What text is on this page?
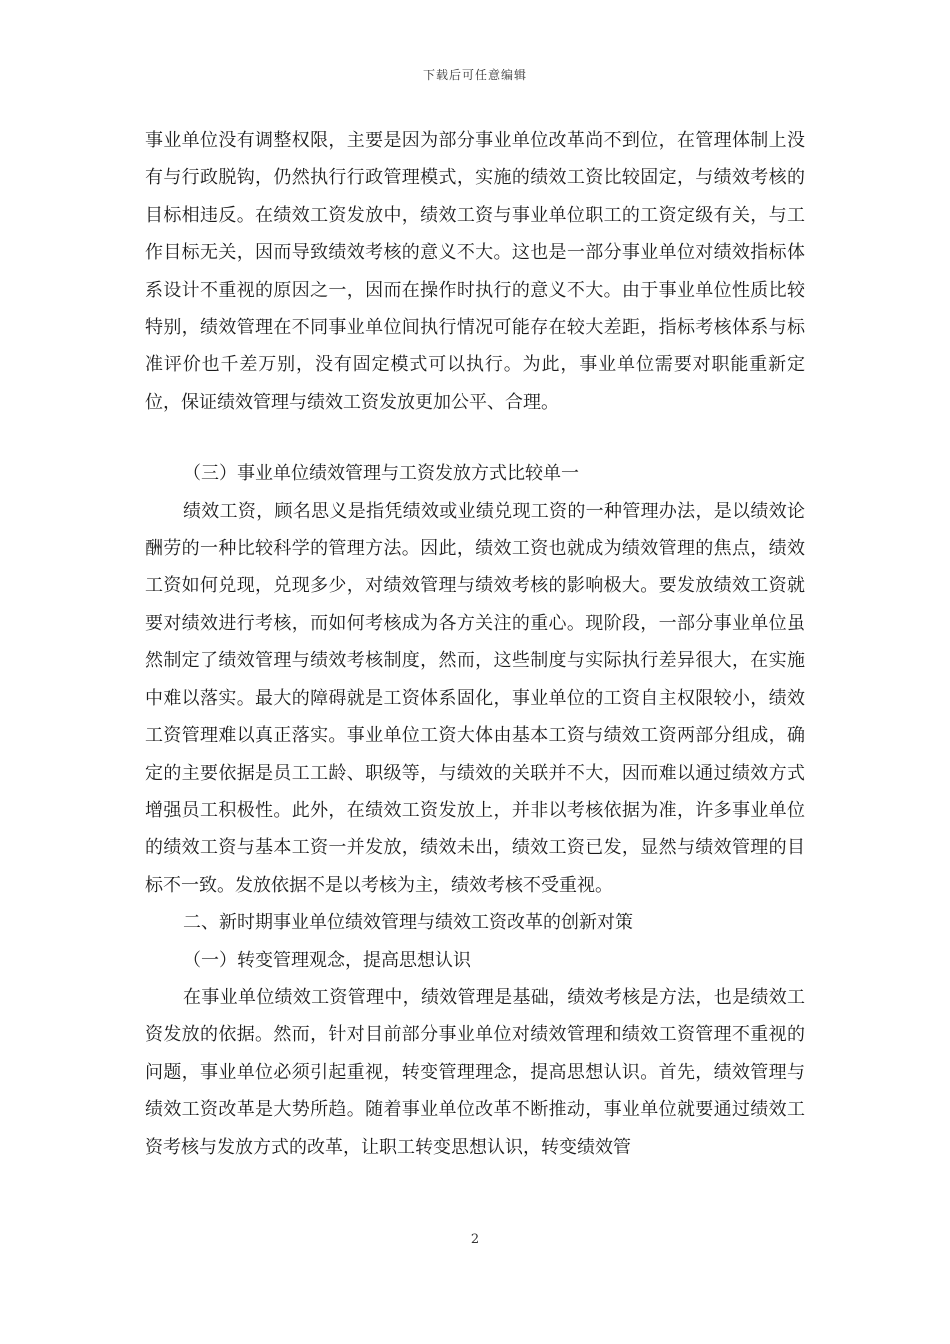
下载后可任意编辑

事业单位没有调整权限，主要是因为部分事业单位改革尚不到位，在管理体制上没有与行政脱钩，仍然执行行政管理模式，实施的绩效工资比较固定，与绩效考核的目标相违反。在绩效工资发放中，绩效工资与事业单位职工的工资定级有关，与工作目标无关，因而导致绩效考核的意义不大。这也是一部分事业单位对绩效指标体系设计不重视的原因之一，因而在操作时执行的意义不大。由于事业单位性质比较特别，绩效管理在不同事业单位间执行情况可能存在较大差距，指标考核体系与标准评价也千差万别，没有固定模式可以执行。为此，事业单位需要对职能重新定位，保证绩效管理与绩效工资发放更加公平、合理。

（三）事业单位绩效管理与工资发放方式比较单一

绩效工资，顾名思义是指凭绩效或业绩兑现工资的一种管理办法，是以绩效论酬劳的一种比较科学的管理方法。因此，绩效工资也就成为绩效管理的焦点，绩效工资如何兑现，兑现多少，对绩效管理与绩效考核的影响极大。要发放绩效工资就要对绩效进行考核，而如何考核成为各方关注的重心。现阶段，一部分事业单位虽然制定了绩效管理与绩效考核制度，然而，这些制度与实际执行差异很大，在实施中难以落实。最大的障碍就是工资体系固化，事业单位的工资自主权限较小，绩效工资管理难以真正落实。事业单位工资大体由基本工资与绩效工资两部分组成，确定的主要依据是员工工龄、职级等，与绩效的关联并不大，因而难以通过绩效方式增强员工积极性。此外，在绩效工资发放上，并非以考核依据为准，许多事业单位的绩效工资与基本工资一并发放，绩效未出，绩效工资已发，显然与绩效管理的目标不一致。发放依据不是以考核为主，绩效考核不受重视。

二、新时期事业单位绩效管理与绩效工资改革的创新对策

（一）转变管理观念，提高思想认识

在事业单位绩效工资管理中，绩效管理是基础，绩效考核是方法，也是绩效工资发放的依据。然而，针对目前部分事业单位对绩效管理和绩效工资管理不重视的问题，事业单位必须引起重视，转变管理理念，提高思想认识。首先，绩效管理与绩效工资改革是大势所趋。随着事业单位改革不断推动，事业单位就要通过绩效工资考核与发放方式的改革，让职工转变思想认识，转变绩效管

2
